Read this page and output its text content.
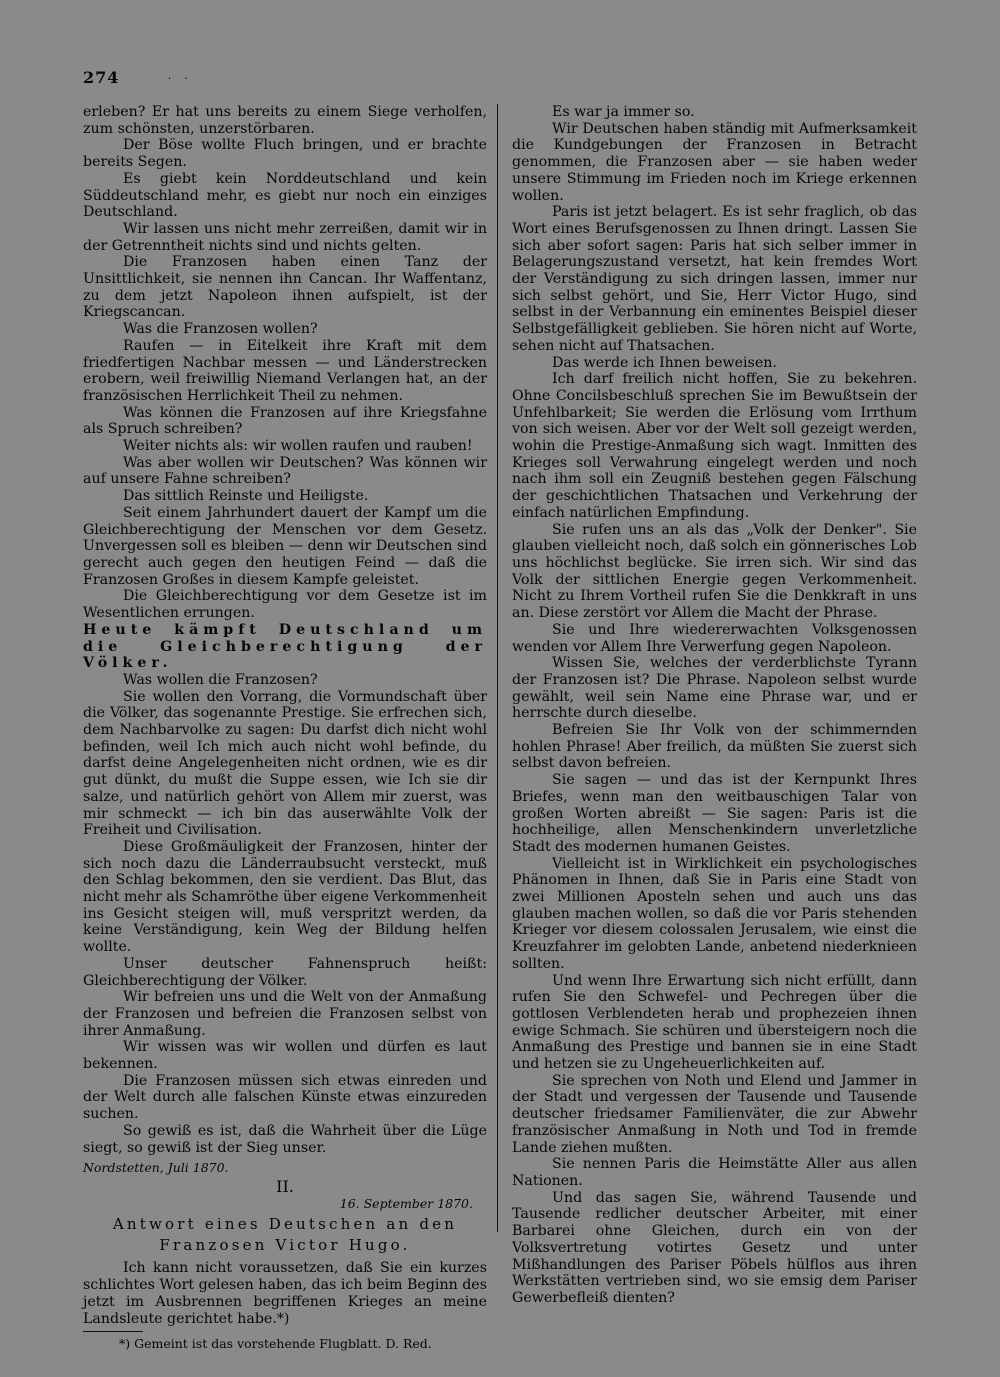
274	. .

erleben? Er hat uns bereits zu einem Siege verholfen, zum schönsten, unzerstörbaren.

Der Böse wollte Fluch bringen, und er brachte bereits Segen.

Es giebt kein Norddeutschland und kein Süddeutschland mehr, es giebt nur noch ein einziges Deutschland.

Wir lassen uns nicht mehr zerreißen, damit wir in der Getrenntheit nichts sind und nichts gelten.

Die Franzosen haben einen Tanz der Unsittlichkeit, sie nennen ihn Cancan. Ihr Waffentanz, zu dem jetzt Napoleon ihnen aufspielt, ist der Kriegscancan.

Was die Franzosen wollen?

Raufen — in Eitelkeit ihre Kraft mit dem friedfertigen Nachbar messen — und Länderstrecken erobern, weil freiwillig Niemand Verlangen hat, an der französischen Herrlichkeit Theil zu nehmen.

Was können die Franzosen auf ihre Kriegsfahne als Spruch schreiben?

Weiter nichts als: wir wollen raufen und rauben!

Was aber wollen wir Deutschen? Was können wir auf unsere Fahne schreiben?

Das sittlich Reinste und Heiligste.

Seit einem Jahrhundert dauert der Kampf um die Gleichberechtigung der Menschen vor dem Gesetz. Unvergessen soll es bleiben — denn wir Deutschen sind gerecht auch gegen den heutigen Feind — daß die Franzosen Großes in diesem Kampfe geleistet.

Die Gleichberechtigung vor dem Gesetze ist im Wesentlichen errungen.

Heute kämpft Deutschland um die Gleichberechtigung der Völker.

Was wollen die Franzosen?

Sie wollen den Vorrang, die Vormundschaft über die Völker, das sogenannte Prestige. Sie erfrechen sich, dem Nachbarvolke zu sagen: Du darfst dich nicht wohl befinden, weil Ich mich auch nicht wohl befinde, du darfst deine Angelegenheiten nicht ordnen, wie es dir gut dünkt, du mußt die Suppe essen, wie Ich sie dir salze, und natürlich gehört von Allem mir zuerst, was mir schmeckt — ich bin das auserwählte Volk der Freiheit und Civilisation.

Diese Großmäuligkeit der Franzosen, hinter der sich noch dazu die Länderraubsucht versteckt, muß den Schlag bekommen, den sie verdient. Das Blut, das nicht mehr als Schamröthe über eigene Verkommenheit ins Gesicht steigen will, muß verspritzt werden, da keine Verständigung, kein Weg der Bildung helfen wollte.

Unser deutscher Fahnenspruch heißt: Gleichberechtigung der Völker.

Wir befreien uns und die Welt von der Anmaßung der Franzosen und befreien die Franzosen selbst von ihrer Anmaßung.

Wir wissen was wir wollen und dürfen es laut bekennen.

Die Franzosen müssen sich etwas einreden und der Welt durch alle falschen Künste etwas einzureden suchen.

So gewiß es ist, daß die Wahrheit über die Lüge siegt, so gewiß ist der Sieg unser.

Nordstetten, Juli 1870.

II.

16. September 1870.

Antwort eines Deutschen an den Franzosen Victor Hugo.

Ich kann nicht voraussetzen, daß Sie ein kurzes schlichtes Wort gelesen haben, das ich beim Beginn des jetzt im Ausbrennen begriffenen Krieges an meine Landsleute gerichtet habe.*)

*) Gemeint ist das vorstehende Flugblatt. D. Red.

Es war ja immer so.

Wir Deutschen haben ständig mit Aufmerksamkeit die Kundgebungen der Franzosen in Betracht genommen, die Franzosen aber — sie haben weder unsere Stimmung im Frieden noch im Kriege erkennen wollen.

Paris ist jetzt belagert. Es ist sehr fraglich, ob das Wort eines Berufsgenossen zu Ihnen dringt. Lassen Sie sich aber sofort sagen: Paris hat sich selber immer in Belagerungszustand versetzt, hat kein fremdes Wort der Verständigung zu sich dringen lassen, immer nur sich selbst gehört, und Sie, Herr Victor Hugo, sind selbst in der Verbannung ein eminentes Beispiel dieser Selbstgefälligkeit geblieben. Sie hören nicht auf Worte, sehen nicht auf Thatsachen.

Das werde ich Ihnen beweisen.

Ich darf freilich nicht hoffen, Sie zu bekehren. Ohne Concilsbeschluß sprechen Sie im Bewußtsein der Unfehlbarkeit; Sie werden die Erlösung vom Irrthum von sich weisen. Aber vor der Welt soll gezeigt werden, wohin die Prestige-Anmaßung sich wagt. Inmitten des Krieges soll Verwahrung eingelegt werden und noch nach ihm soll ein Zeugniß bestehen gegen Fälschung der geschichtlichen Thatsachen und Verkehrung der einfach natürlichen Empfindung.

Sie rufen uns an als das „Volk der Denker". Sie glauben vielleicht noch, daß solch ein gönnerisches Lob uns höchlichst beglücke. Sie irren sich. Wir sind das Volk der sittlichen Energie gegen Verkommenheit. Nicht zu Ihrem Vortheil rufen Sie die Denkkraft in uns an. Diese zerstört vor Allem die Macht der Phrase.

Sie und Ihre wiedererwachten Volksgenossen wenden vor Allem Ihre Verwerfung gegen Napoleon.

Wissen Sie, welches der verderblichste Tyrann der Franzosen ist? Die Phrase. Napoleon selbst wurde gewählt, weil sein Name eine Phrase war, und er herrschte durch dieselbe.

Befreien Sie Ihr Volk von der schimmernden hohlen Phrase! Aber freilich, da müßten Sie zuerst sich selbst davon befreien.

Sie sagen — und das ist der Kernpunkt Ihres Briefes, wenn man den weitbauschigen Talar von großen Worten abreißt — Sie sagen: Paris ist die hochheilige, allen Menschenkindern unverletzliche Stadt des modernen humanen Geistes.

Vielleicht ist in Wirklichkeit ein psychologisches Phänomen in Ihnen, daß Sie in Paris eine Stadt von zwei Millionen Aposteln sehen und auch uns das glauben machen wollen, so daß die vor Paris stehenden Krieger vor diesem colossalen Jerusalem, wie einst die Kreuzfahrer im gelobten Lande, anbetend niederknieen sollten.

Und wenn Ihre Erwartung sich nicht erfüllt, dann rufen Sie den Schwefel- und Pechregen über die gottlosen Verblendeten herab und prophezeien ihnen ewige Schmach. Sie schüren und übersteigern noch die Anmaßung des Prestige und bannen sie in eine Stadt und hetzen sie zu Ungeheuerlichkeiten auf.

Sie sprechen von Noth und Elend und Jammer in der Stadt und vergessen der Tausende und Tausende deutscher friedsamer Familienväter, die zur Abwehr französischer Anmaßung in Noth und Tod in fremde Lande ziehen mußten.

Sie nennen Paris die Heimstätte Aller aus allen Nationen.

Und das sagen Sie, während Tausende und Tausende redlicher deutscher Arbeiter, mit einer Barbarei ohne Gleichen, durch ein von der Volksvertretung votirtes Gesetz und unter Mißhandlungen des Pariser Pöbels hülflos aus ihren Werkstätten vertrieben sind, wo sie emsig dem Pariser Gewerbefleiß dienten?
